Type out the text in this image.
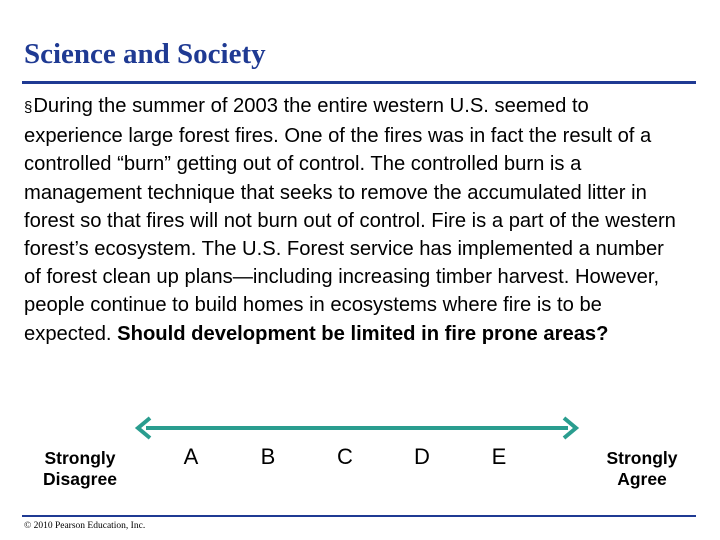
Science and Society
§During the summer of 2003 the entire western U.S. seemed to experience large forest fires. One of the fires was in fact the result of a controlled “burn” getting out of control. The controlled burn is a management technique that seeks to remove the accumulated litter in forest so that fires will not burn out of control. Fire is a part of the western forest’s ecosystem. The U.S. Forest service has implemented a number of forest clean up plans—including increasing timber harvest. However, people continue to build homes in ecosystems where fire is to be expected. Should development be limited in fire prone areas?
Strongly
Disagree
A	B	C	D	E	Strongly
Agree
© 2010 Pearson Education, Inc.
